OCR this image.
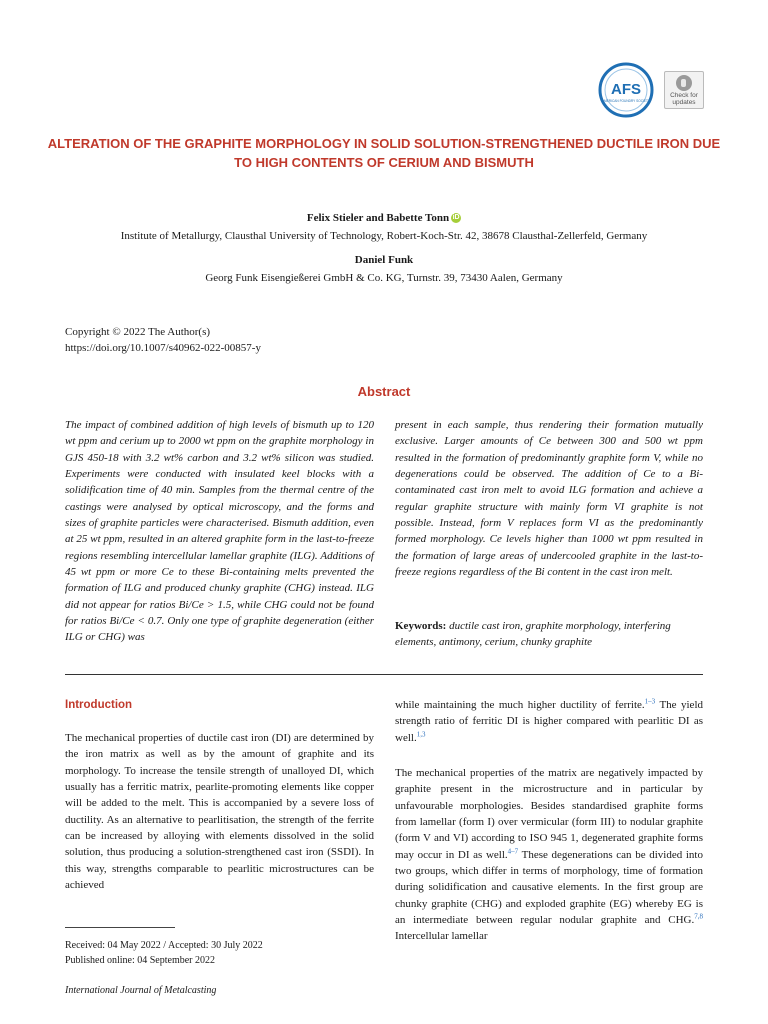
AFS
AMERICAN FOUNDRY SOCIETY
Check for updates
ALTERATION OF THE GRAPHITE MORPHOLOGY IN SOLID SOLUTION-STRENGTHENED DUCTILE IRON DUE TO HIGH CONTENTS OF CERIUM AND BISMUTH
Felix Stieler and Babette Tonn iD
Institute of Metallurgy, Clausthal University of Technology, Robert-Koch-Str. 42, 38678 Clausthal-Zellerfeld, Germany
Daniel Funk
Georg Funk Eisengießerei GmbH & Co. KG, Turnstr. 39, 73430 Aalen, Germany
Copyright © 2022 The Author(s)
https://doi.org/10.1007/s40962-022-00857-y
Abstract
The impact of combined addition of high levels of bismuth up to 120 wt ppm and cerium up to 2000 wt ppm on the graphite morphology in GJS 450-18 with 3.2 wt% carbon and 3.2 wt% silicon was studied. Experiments were conducted with insulated keel blocks with a solidification time of 40 min. Samples from the thermal centre of the castings were analysed by optical microscopy, and the forms and sizes of graphite particles were characterised. Bismuth addition, even at 25 wt ppm, resulted in an altered graphite form in the last-to-freeze regions resembling intercellular lamellar graphite (ILG). Additions of 45 wt ppm or more Ce to these Bi-containing melts prevented the formation of ILG and produced chunky graphite (CHG) instead. ILG did not appear for ratios Bi/Ce > 1.5, while CHG could not be found for ratios Bi/Ce < 0.7. Only one type of graphite degeneration (either ILG or CHG) was
present in each sample, thus rendering their formation mutually exclusive. Larger amounts of Ce between 300 and 500 wt ppm resulted in the formation of predominantly graphite form V, while no degenerations could be observed. The addition of Ce to a Bi-contaminated cast iron melt to avoid ILG formation and achieve a regular graphite structure with mainly form VI graphite is not possible. Instead, form V replaces form VI as the predominantly formed morphology. Ce levels higher than 1000 wt ppm resulted in the formation of large areas of undercooled graphite in the last-to-freeze regions regardless of the Bi content in the cast iron melt.
Keywords: ductile cast iron, graphite morphology, interfering elements, antimony, cerium, chunky graphite
Introduction
The mechanical properties of ductile cast iron (DI) are determined by the iron matrix as well as by the amount of graphite and its morphology. To increase the tensile strength of unalloyed DI, which usually has a ferritic matrix, pearlite-promoting elements like copper will be added to the melt. This is accompanied by a severe loss of ductility. As an alternative to pearlitisation, the strength of the ferrite can be increased by alloying with elements dissolved in the solid solution, thus producing a solution-strengthened cast iron (SSDI). In this way, strengths comparable to pearlitic microstructures can be achieved
while maintaining the much higher ductility of ferrite.$^{1-3}$ The yield strength ratio of ferritic DI is higher compared with pearlitic DI as well.$^{1,3}$
The mechanical properties of the matrix are negatively impacted by graphite present in the microstructure and in particular by unfavourable morphologies. Besides standardised graphite forms from lamellar (form I) over vermicular (form III) to nodular graphite (form V and VI) according to ISO 945 1, degenerated graphite forms may occur in DI as well.$^{4-7}$ These degenerations can be divided into two groups, which differ in terms of morphology, time of formation during solidification and causative elements. In the first group are chunky graphite (CHG) and exploded graphite (EG) whereby EG is an intermediate between regular nodular graphite and CHG.$^{7,8}$ Intercellular lamellar
Received: 04 May 2022 / Accepted: 30 July 2022
Published online: 04 September 2022
International Journal of Metalcasting
